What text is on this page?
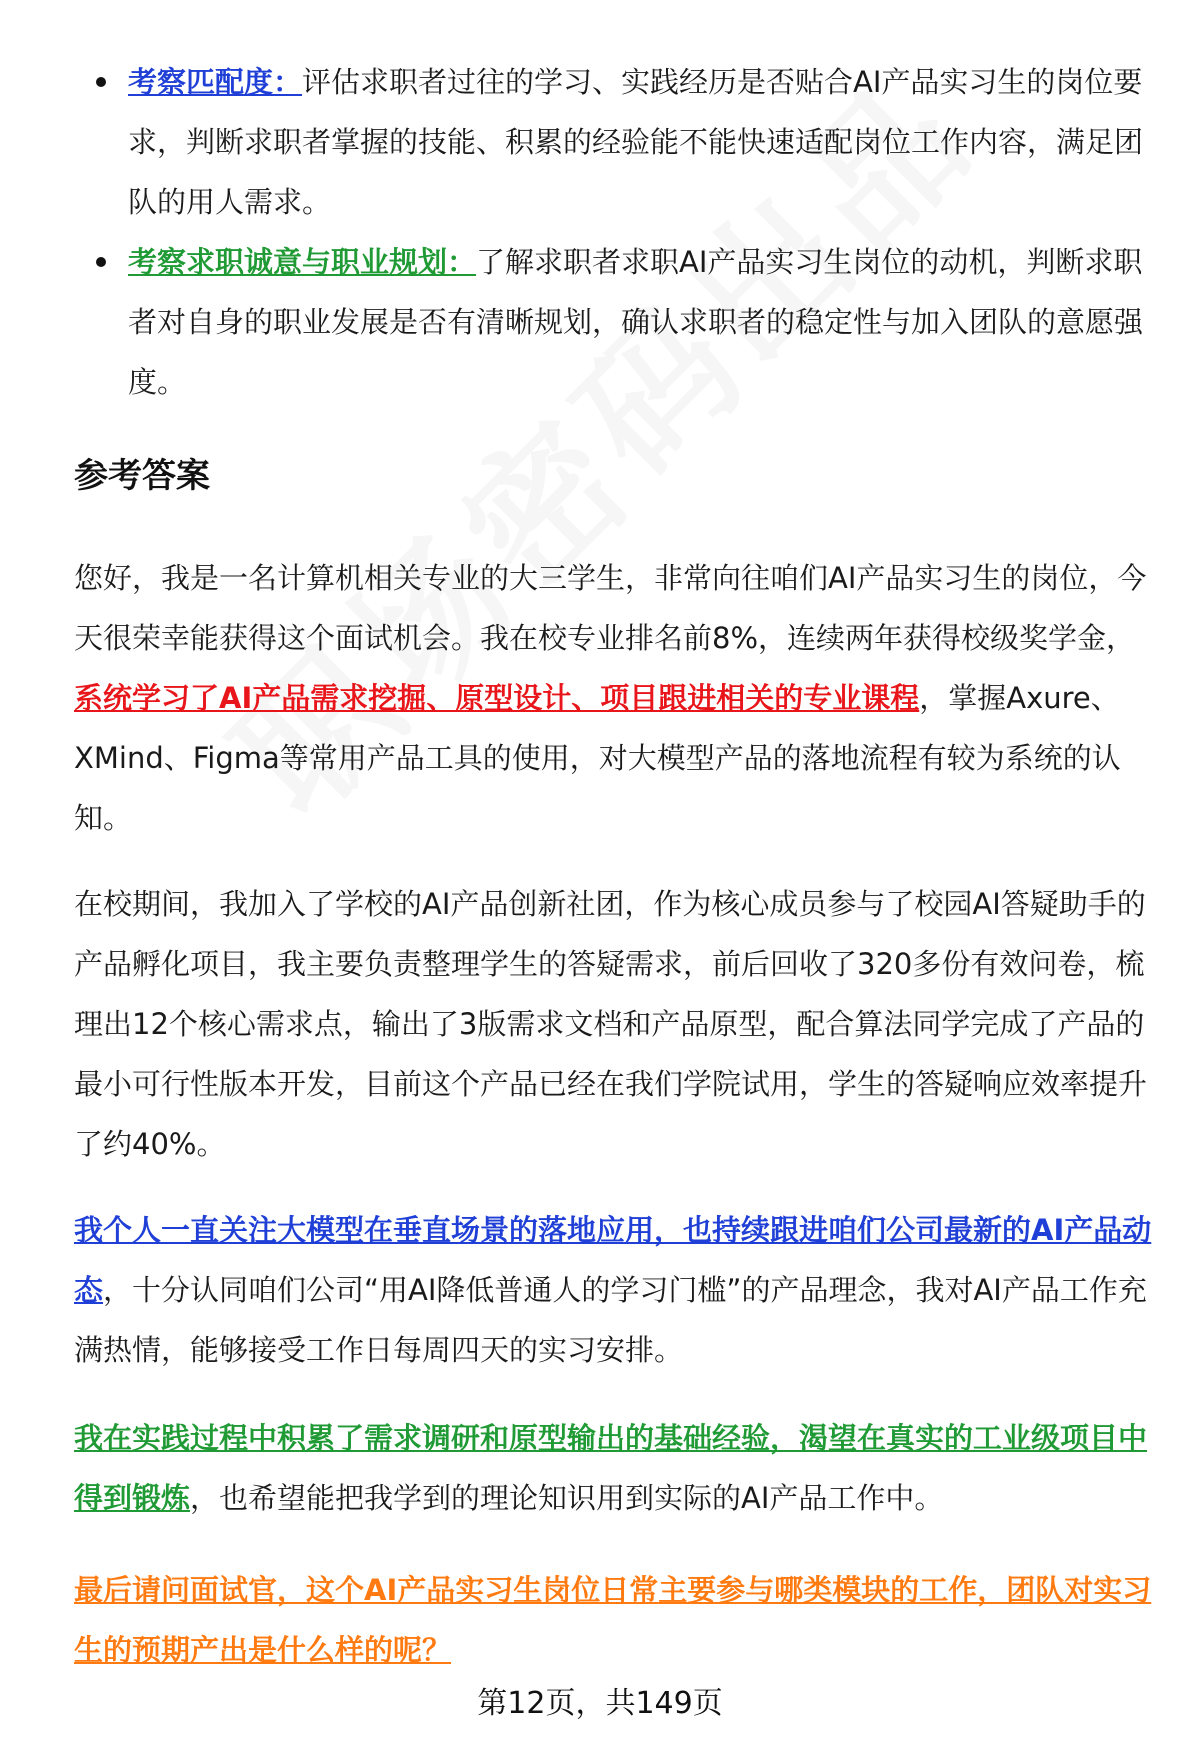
考察匹配度：评估求职者过往的学习、实践经历是否贴合AI产品实习生的岗位要求，判断求职者掌握的技能、积累的经验能不能快速适配岗位工作内容，满足团队的用人需求。
考察求职诚意与职业规划：了解求职者求职AI产品实习生岗位的动机，判断求职者对自身的职业发展是否有清晰规划，确认求职者的稳定性与加入团队的意愿强度。
参考答案
您好，我是一名计算机相关专业的大三学生，非常向往咱们AI产品实习生的岗位，今天很荣幸能获得这个面试机会。我在校专业排名前8%，连续两年获得校级奖学金，系统学习了AI产品需求挖掘、原型设计、项目跟进相关的专业课程，掌握Axure、XMind、Figma等常用产品工具的使用，对大模型产品的落地流程有较为系统的认知。
在校期间，我加入了学校的AI产品创新社团，作为核心成员参与了校园AI答疑助手的产品孵化项目，我主要负责整理学生的答疑需求，前后回收了320多份有效问卷，梳理出12个核心需求点，输出了3版需求文档和产品原型，配合算法同学完成了产品的最小可行性版本开发，目前这个产品已经在我们学院试用，学生的答疑响应效率提升了约40%。
我个人一直关注大模型在垂直场景的落地应用，也持续跟进咱们公司最新的AI产品动态，十分认同咱们公司“用AI降低普通人的学习门槛”的产品理念，我对AI产品工作充满热情，能够接受工作日每周四天的实习安排。
我在实践过程中积累了需求调研和原型输出的基础经验，渴望在真实的工业级项目中得到锻炼，也希望能把我学到的理论知识用到实际的AI产品工作中。
最后请问面试官，这个AI产品实习生岗位日常主要参与哪类模块的工作，团队对实习生的预期产出是什么样的呢？
第12页，共149页
